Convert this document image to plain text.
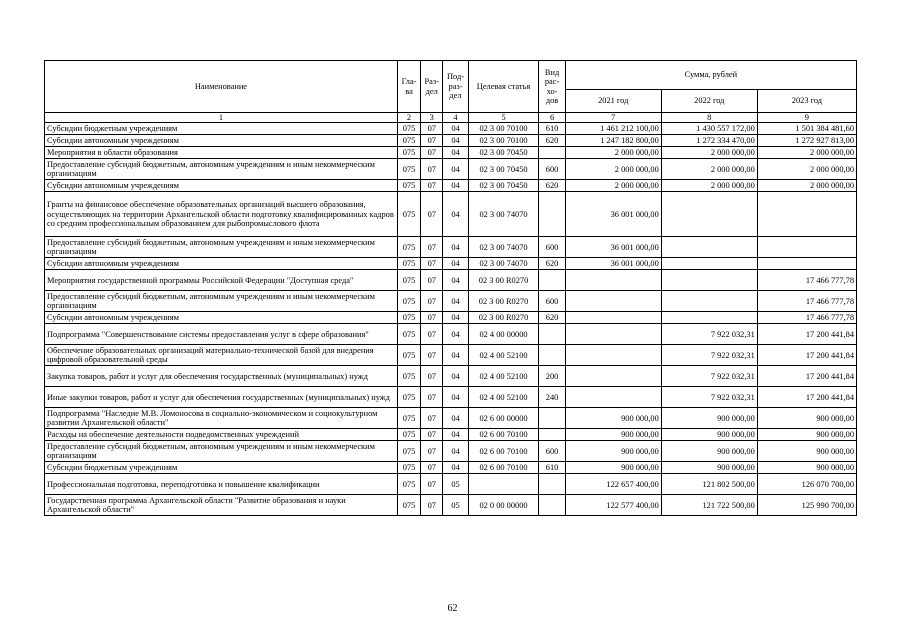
Наименование	Гла-ва	Раз-дел	Под-раз-дел	Целевая статья	Вид рас-хо-дов	Сумма, рублей		
						2021 год	2022 год	2023 год
1	2	3	4	5	6	7	8	9
Субсидии бюджетным учреждениям	075	07	04	02 3 00 70100	610	1 461 212 100,00	1 430 557 172,00	1 501 384 481,60
Субсидии автономным учреждениям	075	07	04	02 3 00 70100	620	1 247 182 800,00	1 272 334 470,00	1 272 927 813,00
Мероприятия в области образования	075	07	04	02 3 00 70450		2 000 000,00	2 000 000,00	2 000 000,00
Предоставление субсидий бюджетным, автономным учреждениям и иным некоммерческим организациям	075	07	04	02 3 00 70450	600	2 000 000,00	2 000 000,00	2 000 000,00
Субсидии автономным учреждениям	075	07	04	02 3 00 70450	620	2 000 000,00	2 000 000,00	2 000 000,00
Гранты на финансовое обеспечение образовательных организаций высшего образования, осуществляющих на территории Архангельской области подготовку квалифицированных кадров со средним профессиональным образованием для рыбопромыслового флота	075	07	04	02 3 00 74070		36 001 000,00		
Предоставление субсидий бюджетным, автономным учреждениям и иным некоммерческим организациям	075	07	04	02 3 00 74070	600	36 001 000,00		
Субсидии автономным учреждениям	075	07	04	02 3 00 74070	620	36 001 000,00		
Мероприятия государственной программы Российской Федерации "Доступная среда"	075	07	04	02 3 00 R0270				17 466 777,78
Предоставление субсидий бюджетным, автономным учреждениям и иным некоммерческим организациям	075	07	04	02 3 00 R0270	600			17 466 777,78
Субсидии автономным учреждениям	075	07	04	02 3 00 R0270	620			17 466 777,78
Подпрограмма "Совершенствование системы предоставления услуг в сфере образования"	075	07	04	02 4 00 00000			7 922 032,31	17 200 441,84
Обеспечение образовательных организаций материально-технической базой для внедрения цифровой образовательной среды	075	07	04	02 4 00 52100			7 922 032,31	17 200 441,84
Закупка товаров, работ и услуг для обеспечения государственных (муниципальных) нужд	075	07	04	02 4 00 52100	200		7 922 032,31	17 200 441,84
Иные закупки товаров, работ и услуг для обеспечения государственных (муниципальных) нужд	075	07	04	02 4 00 52100	240		7 922 032,31	17 200 441,84
Подпрограмма "Наследие М.В. Ломоносова в социально-экономическом и социокультурном развитии Архангельской области"	075	07	04	02 6 00 00000		900 000,00	900 000,00	900 000,00
Расходы на обеспечение деятельности подведомственных учреждений	075	07	04	02 6 00 70100		900 000,00	900 000,00	900 000,00
Предоставление субсидий бюджетным, автономным учреждениям и иным некоммерческим организациям	075	07	04	02 6 00 70100	600	900 000,00	900 000,00	900 000,00
Субсидии бюджетным учреждениям	075	07	04	02 6 00 70100	610	900 000,00	900 000,00	900 000,00
Профессиональная подготовка, переподготовка и повышение квалификации	075	07	05			122 657 400,00	121 802 500,00	126 070 700,00
Государственная программа Архангельской области "Развитие образования и науки Архангельской области"	075	07	05	02 0 00 00000		122 577 400,00	121 722 500,00	125 990 700,00
62
